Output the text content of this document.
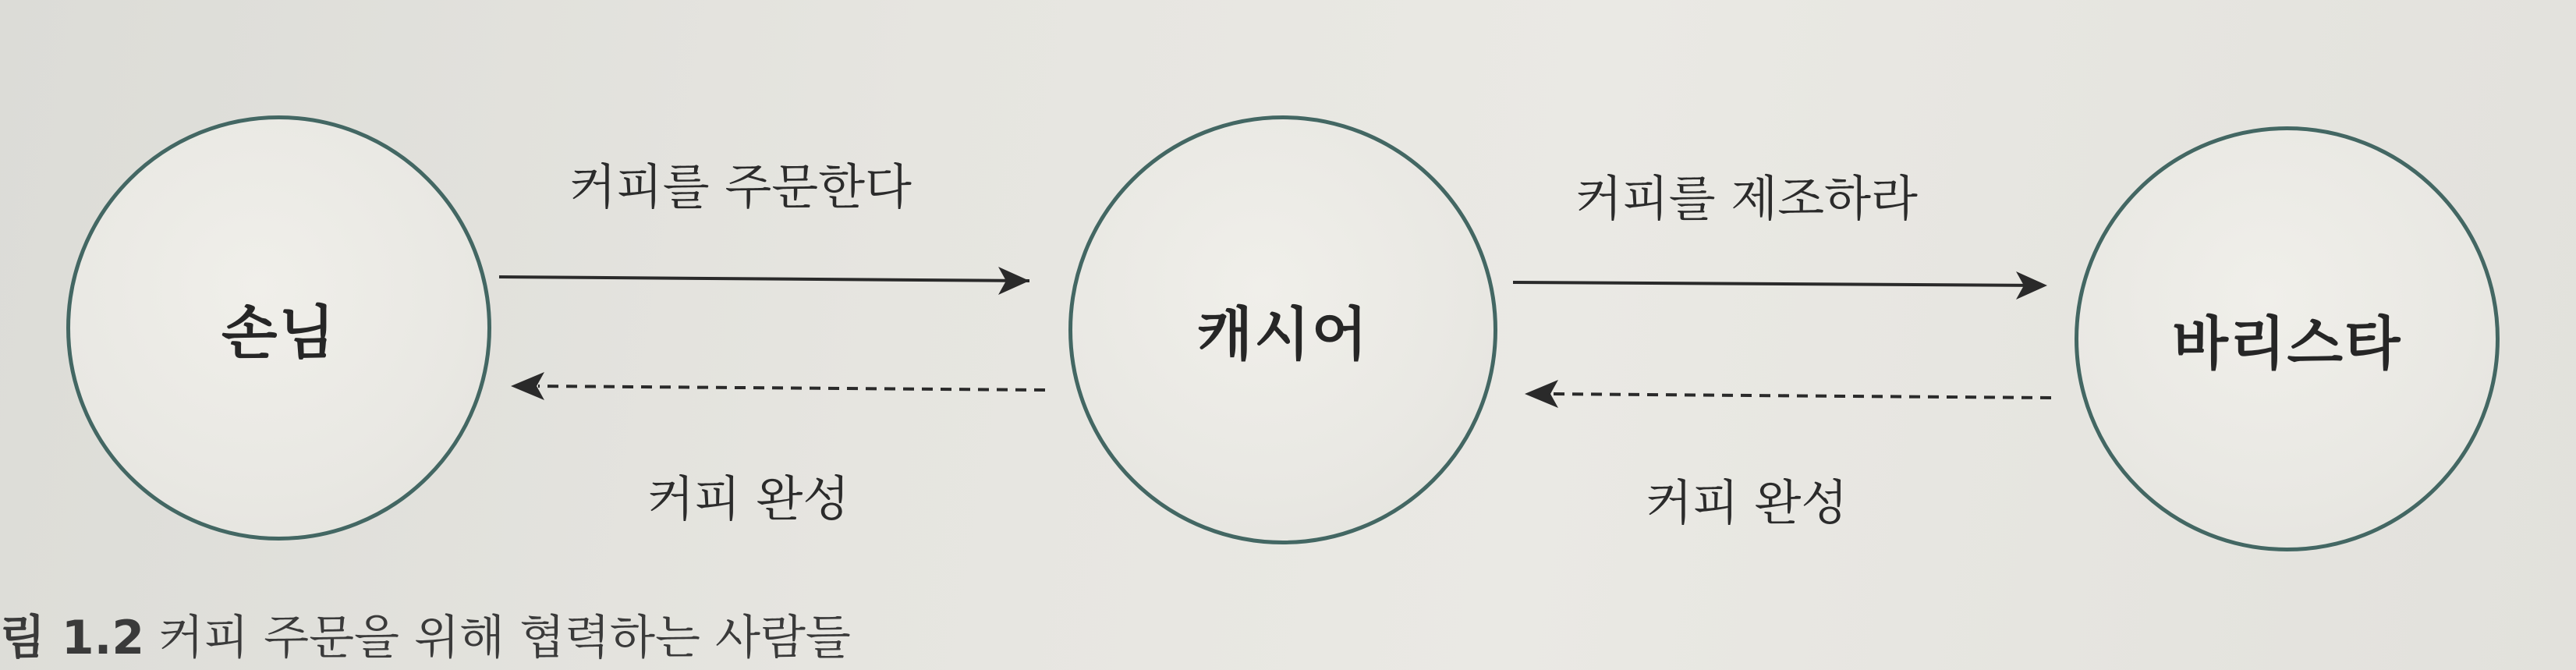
손님	캐시어	바리스타
커피를 주문한다	커피를 제조하라
커피 완성	커피 완성
림 1.2 커피 주문을 위해 협력하는 사람들
